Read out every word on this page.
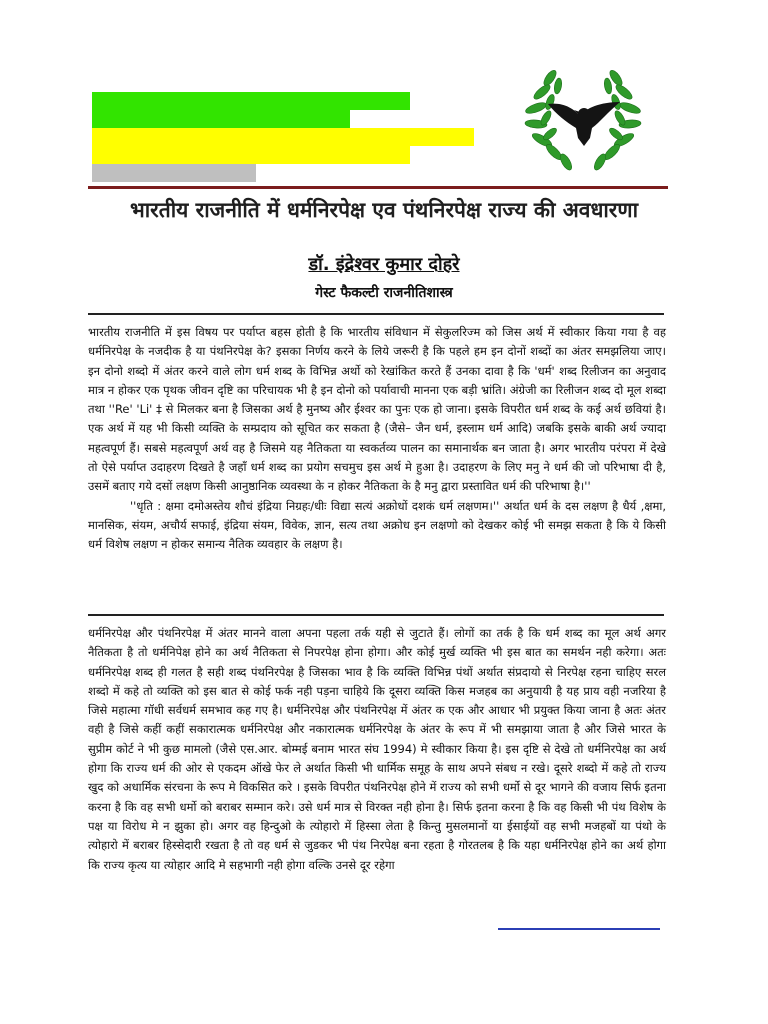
भारतीय राजनीति में धर्मनिरपेक्ष एव पंथनिरपेक्ष राज्य की अवधारणा
डॉ. इंद्रेश्वर कुमार दोहरे
गेस्ट फैकल्टी राजनीतिशास्त्र

भारतीय राजनीति में इस विषय पर पर्याप्त बहस होती है कि भारतीय संविधान में सेकुलरिज्म को जिस अर्थ में स्वीकार किया गया है वह धर्मनिरपेक्ष के नजदीक है या पंथनिरपेक्ष के? इसका निर्णय करने के लिये जरूरी है कि पहले हम इन दोनों शब्दों का अंतर समझलिया जाए। इन दोनो शब्दो में अंतर करने वाले लोग धर्म शब्द के विभिन्न अर्थो को रेखांकित करते हैं उनका दावा है कि 'धर्म' शब्द रिलीजन का अनुवाद मात्र न होकर एक पृथक जीवन दृष्टि का परिचायक भी है इन दोनो को पर्यावाची मानना एक बड़ी भ्रांति। अंग्रेजी का रिलीजन शब्द दो मूल शब्दा तथा ''Re' 'Li' ‡ से मिलकर बना है जिसका अर्थ है मुनष्य और ईश्वर का पुनः एक हो जाना। इसके विपरीत धर्म शब्द के कई अर्थ छवियां है। एक अर्थ में यह भी किसी व्यक्ति के सम्प्रदाय को सूचित कर सकता है (जैसे– जैन धर्म, इस्लाम धर्म आदि) जबकि इसके बाकी अर्थ ज्यादा महत्वपूर्ण हैं। सबसे महत्वपूर्ण अर्थ वह है जिसमे यह नैतिकता या स्वकर्तव्य पालन का समानार्थक बन जाता है। अगर भारतीय परंपरा में देखे तो ऐसे पर्याप्त उदाहरण दिखते है जहाँ धर्म शब्द का प्रयोग सचमुच इस अर्थ मे हुआ है। उदाहरण के लिए मनु ने धर्म की जो परिभाषा दी है, उसमें बताए गये दसों लक्षण किसी आनुष्ठानिक व्यवस्था के न होकर नैतिकता के है मनु द्वारा प्रस्तावित धर्म की परिभाषा है।''

''धृति : क्षमा दमोअस्तेय शौचं इंद्रिया निग्रहः/धीः विद्या सत्यं अक्रोधों दशकं धर्म लक्षणम।'' अर्थात धर्म के दस लक्षण है धैर्य ,क्षमा, मानसिक, संयम, अचौर्य सफाई, इंद्रिया संयम, विवेक, ज्ञान, सत्य तथा अक्रोध इन लक्षणो को देखकर कोई भी समझ सकता है कि ये किसी धर्म विशेष लक्षण न होकर समान्य नैतिक व्यवहार के लक्षण है।

धर्मनिरपेक्ष और पंथनिरपेक्ष में अंतर मानने वाला अपना पहला तर्क यही से जुटाते हैं। लोगों का तर्क है कि धर्म शब्द का मूल अर्थ अगर नैतिकता है तो धर्मनिपेक्ष होने का अर्थ नैतिकता से निपरपेक्ष होना होगा। और कोई मुर्ख व्यक्ति भी इस बात का समर्थन नही करेगा। अतः धर्मनिरपेक्ष शब्द ही गलत है सही शब्द पंथनिरपेक्ष है जिसका भाव है कि व्यक्ति विभिन्न पंथों अर्थात संप्रदायो से निरपेक्ष रहना चाहिए सरल शब्दो में कहे तो व्यक्ति को इस बात से कोई फर्क नही पड़ना चाहिये कि दूसरा व्यक्ति किस मजहब का अनुयायी है यह प्राय वही नजरिया है जिसे महात्मा गॉधी सर्वधर्म समभाव कह गए है। धर्मनिरपेक्ष और पंथनिरपेक्ष में अंतर क एक और आधार भी प्रयुक्त किया जाना है अतः अंतर वही है जिसे कहीं कहीं सकारात्मक धर्मनिरपेक्ष और नकारात्मक धर्मनिरपेक्ष के अंतर के रूप में भी समझाया जाता है और जिसे भारत के सुप्रीम कोर्ट ने भी कुछ मामलो (जैसे एस.आर. बोम्मई बनाम भारत संघ 1994) मे स्वीकार किया है। इस दृष्टि से देखे तो धर्मनिरपेक्ष का अर्थ होगा कि राज्य धर्म की ओर से एकदम ऑखे फेर ले अर्थात किसी भी धार्मिक समूह के साथ अपने संबध न रखे। दूसरे शब्दो में कहे तो राज्य खुद को अधार्मिक संरचना के रूप मे विकसित करे । इसके विपरीत पंथनिरपेक्ष होने में राज्य को सभी धर्मो से दूर भागने की वजाय सिर्फ इतना करना है कि वह सभी धर्मो को बराबर सम्मान करे। उसे धर्म मात्र से विरक्त नही होना है। सिर्फ इतना करना है कि वह किसी भी पंथ विशेष के पक्ष या विरोध मे न झुका हो। अगर वह हिन्दुओ के त्योहारो में हिस्सा लेता है किन्तु मुसलमानों या ईसाईयों वह सभी मजहबों या पंथो के त्योहारो में बराबर हिस्सेदारी रखता है तो वह धर्म से जुडकर भी पंथ निरपेक्ष बना रहता है गोरतलब है कि यहा धर्मनिरपेक्ष होने का अर्थ होगा कि राज्य कृत्य या त्योहार आदि मे सहभागी नही होगा वल्कि उनसे दूर रहेगा
